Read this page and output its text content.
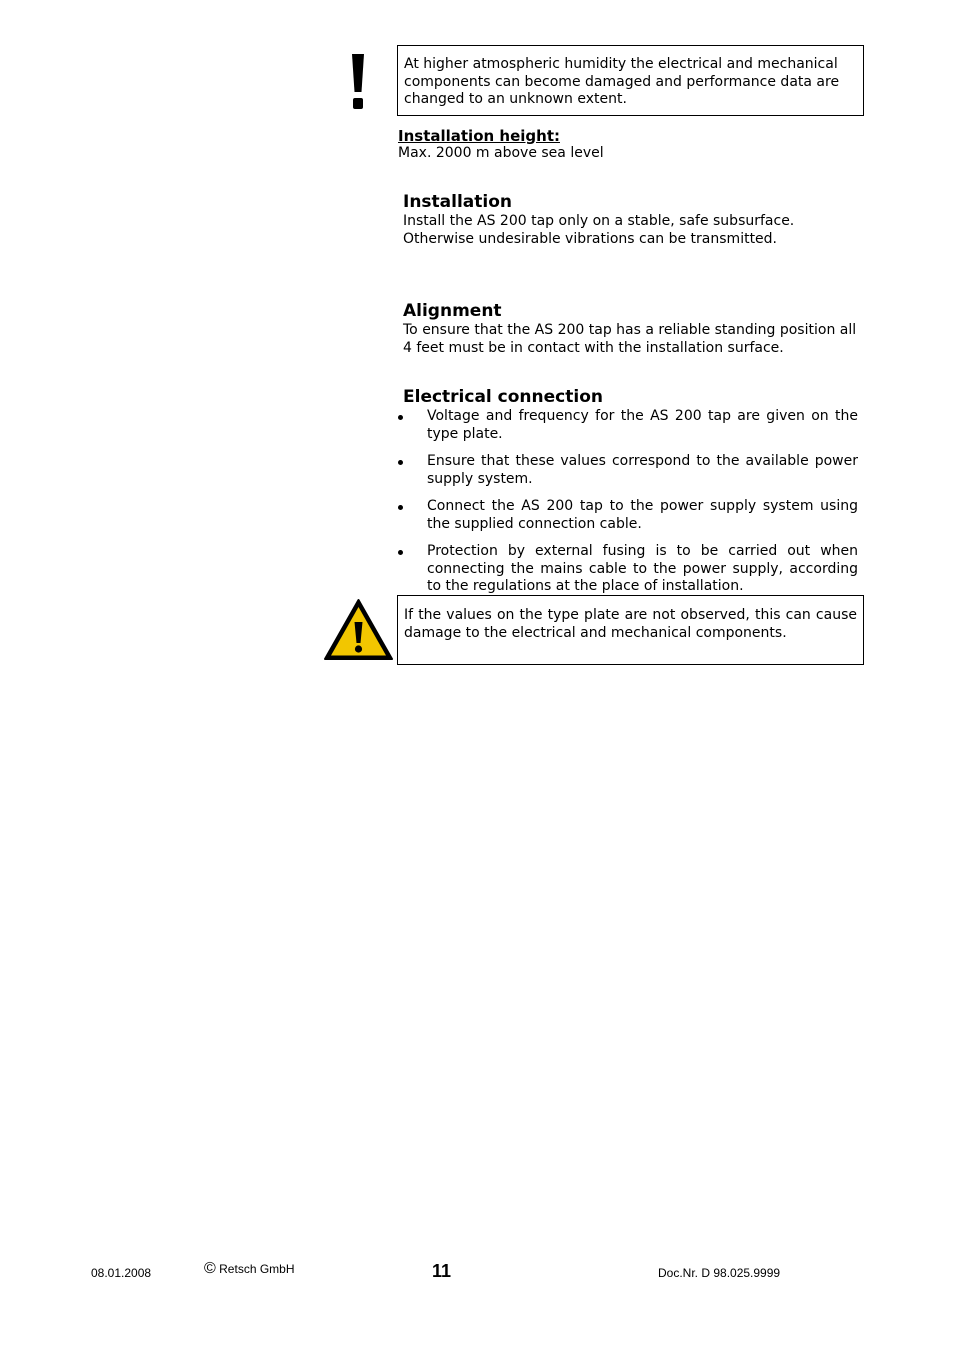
At higher atmospheric humidity the electrical and mechanical components can become damaged and performance data are changed to an unknown extent.

Installation height:

Max. 2000 m above sea level

Installation

Install the AS 200 tap only on a stable, safe subsurface. Otherwise undesirable vibrations can be transmitted.

Alignment

To ensure that the AS 200 tap has a reliable standing position all 4 feet must be in contact with the installation surface.

Electrical connection
Voltage and frequency for the AS 200 tap are given on the type plate.
Ensure that these values correspond to the available power supply system.
Connect the AS 200 tap to the power supply system using the supplied connection cable.
Protection by external fusing is to be carried out when connecting the mains cable to the power supply, according to the regulations at the place of installation.

If the values on the type plate are not observed, this can cause damage to the electrical and mechanical components.

08.01.2008	© Retsch GmbH	11	Doc.Nr. D 98.025.9999
